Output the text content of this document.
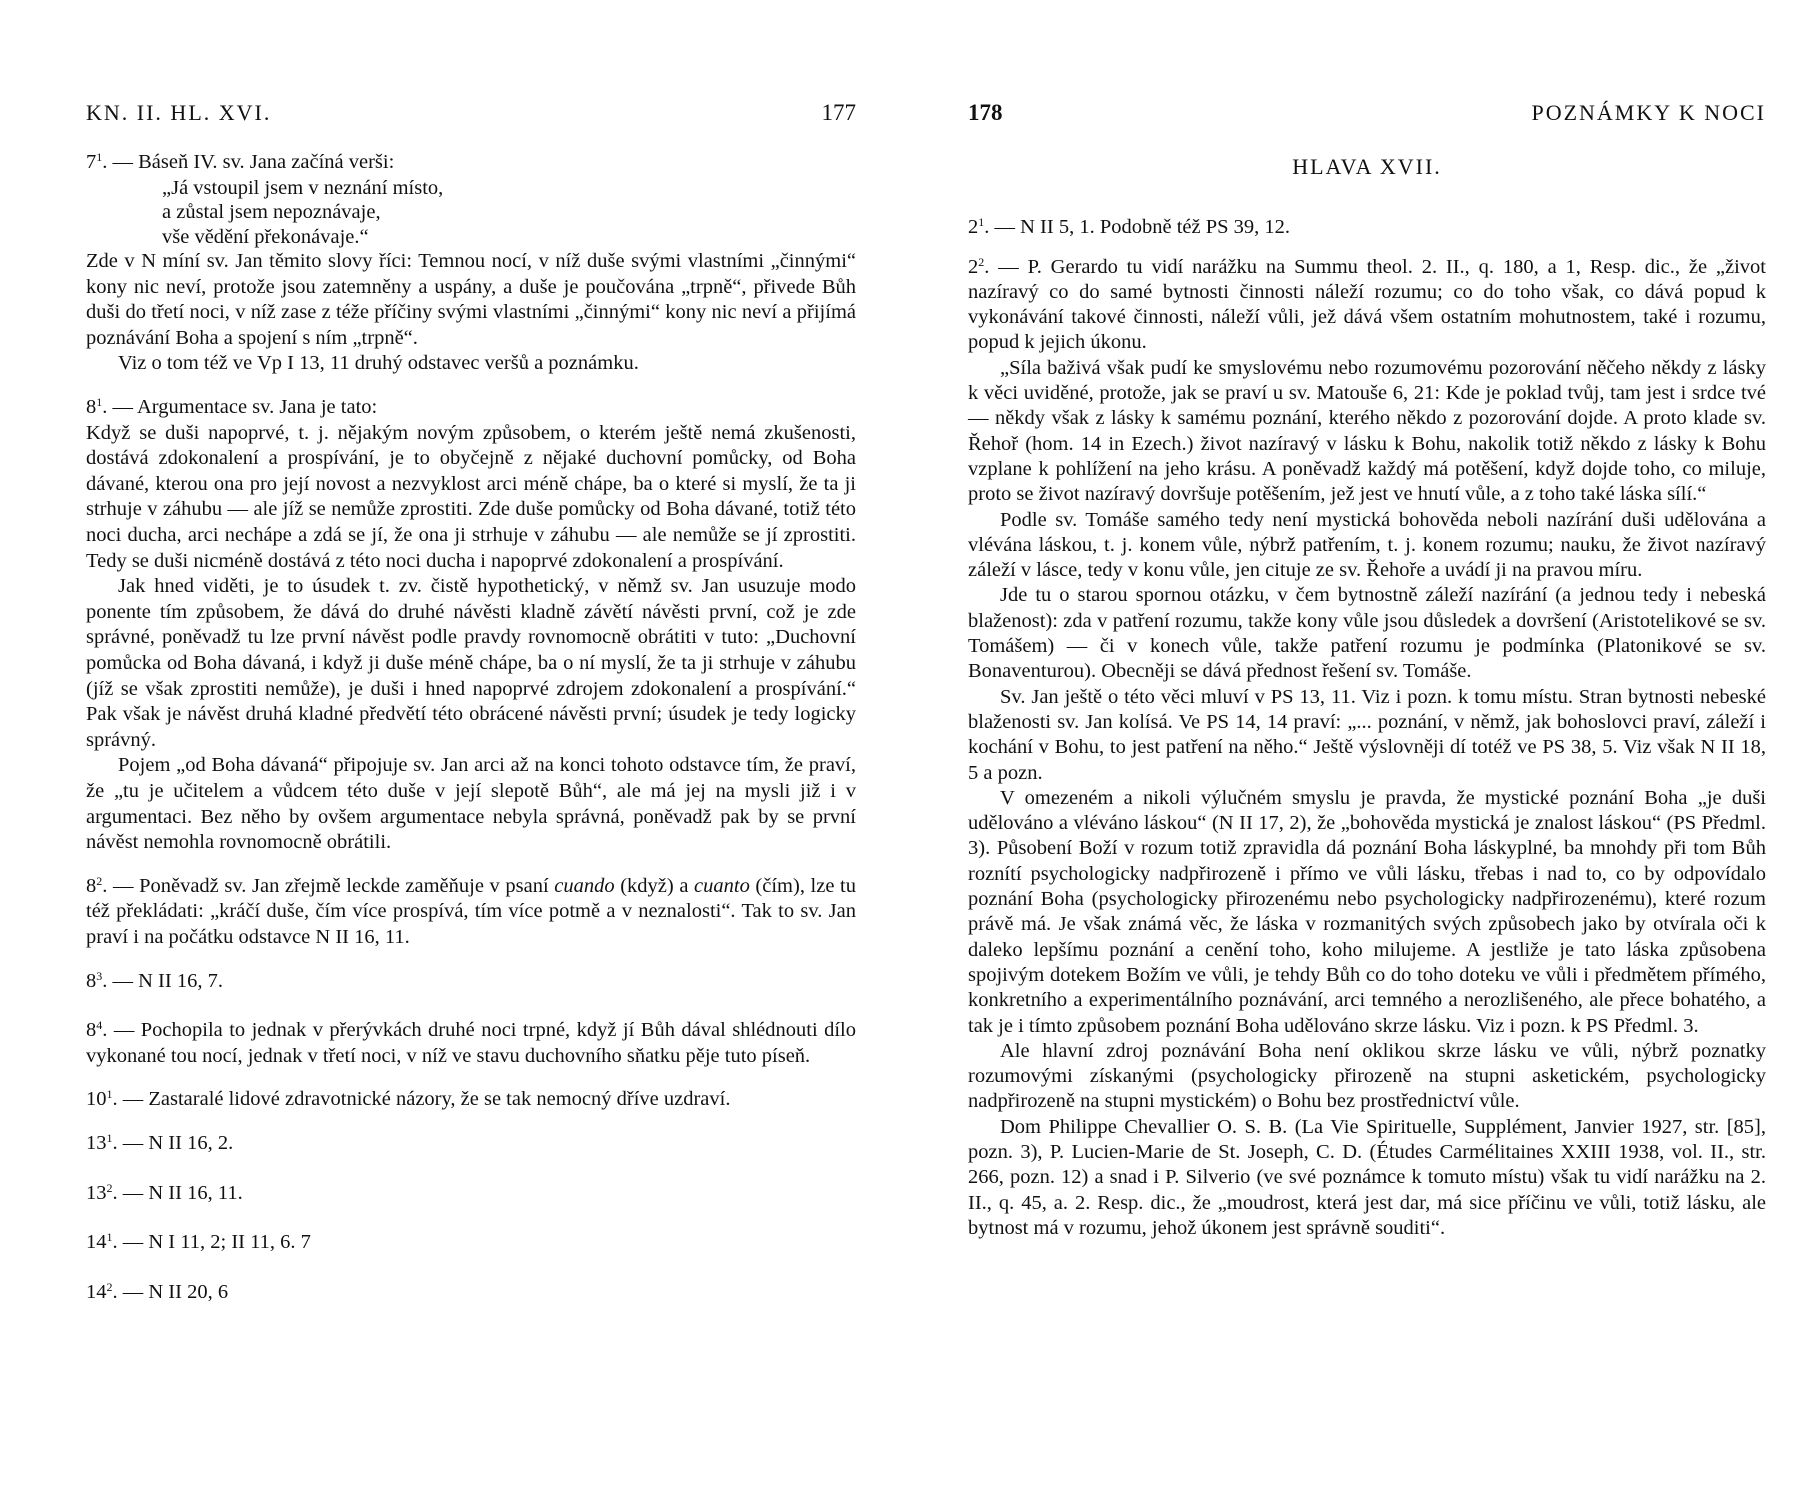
KN. II. HL. XVI.	177

$7^1$. — Báseň IV. sv. Jana začíná verši:

„Já vstoupil jsem v neznání místo,
a zůstal jsem nepoznávaje,
vše vědění překonávaje.“

Zde v N míní sv. Jan těmito slovy říci: Temnou nocí, v níž duše svými vlastními „činnými“ kony nic neví, protože jsou zatemněny a uspány, a duše je poučována „trpně“, přivede Bůh duši do třetí noci, v níž zase z téže příčiny svými vlastními „činnými“ kony nic neví a přijímá poznávání Boha a spojení s ním „trpně“.

Viz o tom též ve Vp I 13, 11 druhý odstavec veršů a poznámku.

$8^1$. — Argumentace sv. Jana je tato:

Když se duši napoprvé, t. j. nějakým novým způsobem, o kterém ještě nemá zkušenosti, dostává zdokonalení a prospívání, je to obyčejně z nějaké duchovní pomůcky, od Boha dávané, kterou ona pro její novost a nezvyklost arci méně chápe, ba o které si myslí, že ta ji strhuje v záhubu — ale jíž se nemůže zprostiti. Zde duše pomůcky od Boha dávané, totiž této noci ducha, arci nechápe a zdá se jí, že ona ji strhuje v záhubu — ale nemůže se jí zprostiti. Tedy se duši nicméně dostává z této noci ducha i napoprvé zdokonalení a prospívání.

Jak hned viděti, je to úsudek t. zv. čistě hypothetický, v němž sv. Jan usuzuje modo ponente tím způsobem, že dává do druhé návěsti kladně závětí návěsti první, což je zde správné, poněvadž tu lze první návěst podle pravdy rovnomocně obrátiti v tuto: „Duchovní pomůcka od Boha dávaná, i když ji duše méně chápe, ba o ní myslí, že ta ji strhuje v záhubu (jíž se však zprostiti nemůže), je duši i hned napoprvé zdrojem zdokonalení a prospívání.“ Pak však je návěst druhá kladné předvětí této obrácené návěsti první; úsudek je tedy logicky správný.

Pojem „od Boha dávaná“ připojuje sv. Jan arci až na konci tohoto odstavce tím, že praví, že „tu je učitelem a vůdcem této duše v její slepotě Bůh“, ale má jej na mysli již i v argumentaci. Bez něho by ovšem argumentace nebyla správná, poněvadž pak by se první návěst nemohla rovnomocně obrátili.

$8^2$. — Poněvadž sv. Jan zřejmě leckde zaměňuje v psaní cuando (když) a cuanto (čím), lze tu též překládati: „kráčí duše, čím více prospívá, tím více potmě a v neznalosti“. Tak to sv. Jan praví i na počátku odstavce N II 16, 11.

$8^3$. — N II 16, 7.

$8^4$. — Pochopila to jednak v přerývkách druhé noci trpné, když jí Bůh dával shlédnouti dílo vykonané tou nocí, jednak v třetí noci, v níž ve stavu duchovního sňatku pěje tuto píseň.

$10^1$. — Zastaralé lidové zdravotnické názory, že se tak nemocný dříve uzdraví.

$13^1$. — N II 16, 2.
$13^2$. — N II 16, 11.
$14^1$. — N I 11, 2; II 11, 6. 7
$14^2$. — N II 20, 6
178	POZNÁMKY K NOCI
HLAVA XVII.

$2^1$. — N II 5, 1. Podobně též PS 39, 12.

$2^2$. — P. Gerardo tu vidí narážku na Summu theol. 2. II., q. 180, a 1, Resp. dic., že „život nazíravý co do samé bytnosti činnosti náleží rozumu; co do toho však, co dává popud k vykonávání takové činnosti, náleží vůli, jež dává všem ostatním mohutnostem, také i rozumu, popud k jejich úkonu.

„Síla baživá však pudí ke smyslovému nebo rozumovému pozorování něčeho někdy z lásky k věci uviděné, protože, jak se praví u sv. Matouše 6, 21: Kde je poklad tvůj, tam jest i srdce tvé — někdy však z lásky k samému poznání, kterého někdo z pozorování dojde. A proto klade sv. Řehoř (hom. 14 in Ezech.) život nazíravý v lásku k Bohu, nakolik totiž někdo z lásky k Bohu vzplane k pohlížení na jeho krásu. A poněvadž každý má potěšení, když dojde toho, co miluje, proto se život nazíravý dovršuje potěšením, jež jest ve hnutí vůle, a z toho také láska sílí.“

Podle sv. Tomáše samého tedy není mystická bohověda neboli nazírání duši udělována a vlévána láskou, t. j. konem vůle, nýbrž patřením, t. j. konem rozumu; nauku, že život nazíravý záleží v lásce, tedy v konu vůle, jen cituje ze sv. Řehoře a uvádí ji na pravou míru.

Jde tu o starou spornou otázku, v čem bytnostně záleží nazírání (a jednou tedy i nebeská blaženost): zda v patření rozumu, takže kony vůle jsou důsledek a dovršení (Aristotelikové se sv. Tomášem) — či v konech vůle, takže patření rozumu je podmínka (Platonikové se sv. Bonaventurou). Obecněji se dává přednost řešení sv. Tomáše.

Sv. Jan ještě o této věci mluví v PS 13, 11. Viz i pozn. k tomu místu. Stran bytnosti nebeské blaženosti sv. Jan kolísá. Ve PS 14, 14 praví: „... poznání, v němž, jak bohoslovci praví, záleží i kochání v Bohu, to jest patření na něho.“ Ještě výslovněji dí totéž ve PS 38, 5. Viz však N II 18, 5 a pozn.

V omezeném a nikoli výlučném smyslu je pravda, že mystické poznání Boha „je duši udělováno a vléváno láskou“ (N II 17, 2), že „bohověda mystická je znalost láskou“ (PS Předml. 3). Působení Boží v rozum totiž zpravidla dá poznání Boha láskyplné, ba mnohdy při tom Bůh roznítí psychologicky nadpřirozeně i přímo ve vůli lásku, třebas i nad to, co by odpovídalo poznání Boha (psychologicky přirozenému nebo psychologicky nadpřirozenému), které rozum právě má. Je však známá věc, že láska v rozmanitých svých způsobech jako by otvírala oči k daleko lepšímu poznání a cenění toho, koho milujeme. A jestliže je tato láska způsobena spojivým dotekem Božím ve vůli, je tehdy Bůh co do toho doteku ve vůli i předmětem přímého, konkretního a experimentálního poznávání, arci temného a nerozlišeného, ale přece bohatého, a tak je i tímto způsobem poznání Boha udělováno skrze lásku. Viz i pozn. k PS Předml. 3.

Ale hlavní zdroj poznávání Boha není oklikou skrze lásku ve vůli, nýbrž poznatky rozumovými získanými (psychologicky přirozeně na stupni asketickém, psychologicky nadpřirozeně na stupni mystickém) o Bohu bez prostřednictví vůle.

Dom Philippe Chevallier O. S. B. (La Vie Spirituelle, Supplément, Janvier 1927, str. [85], pozn. 3), P. Lucien-Marie de St. Joseph, C. D. (Études Carmélitaines XXIII 1938, vol. II., str. 266, pozn. 12) a snad i P. Silverio (ve své poznámce k tomuto místu) však tu vidí narážku na 2. II., q. 45, a. 2. Resp. dic., že „moudrost, která jest dar, má sice příčinu ve vůli, totiž lásku, ale bytnost má v rozumu, jehož úkonem jest správně souditi“.
